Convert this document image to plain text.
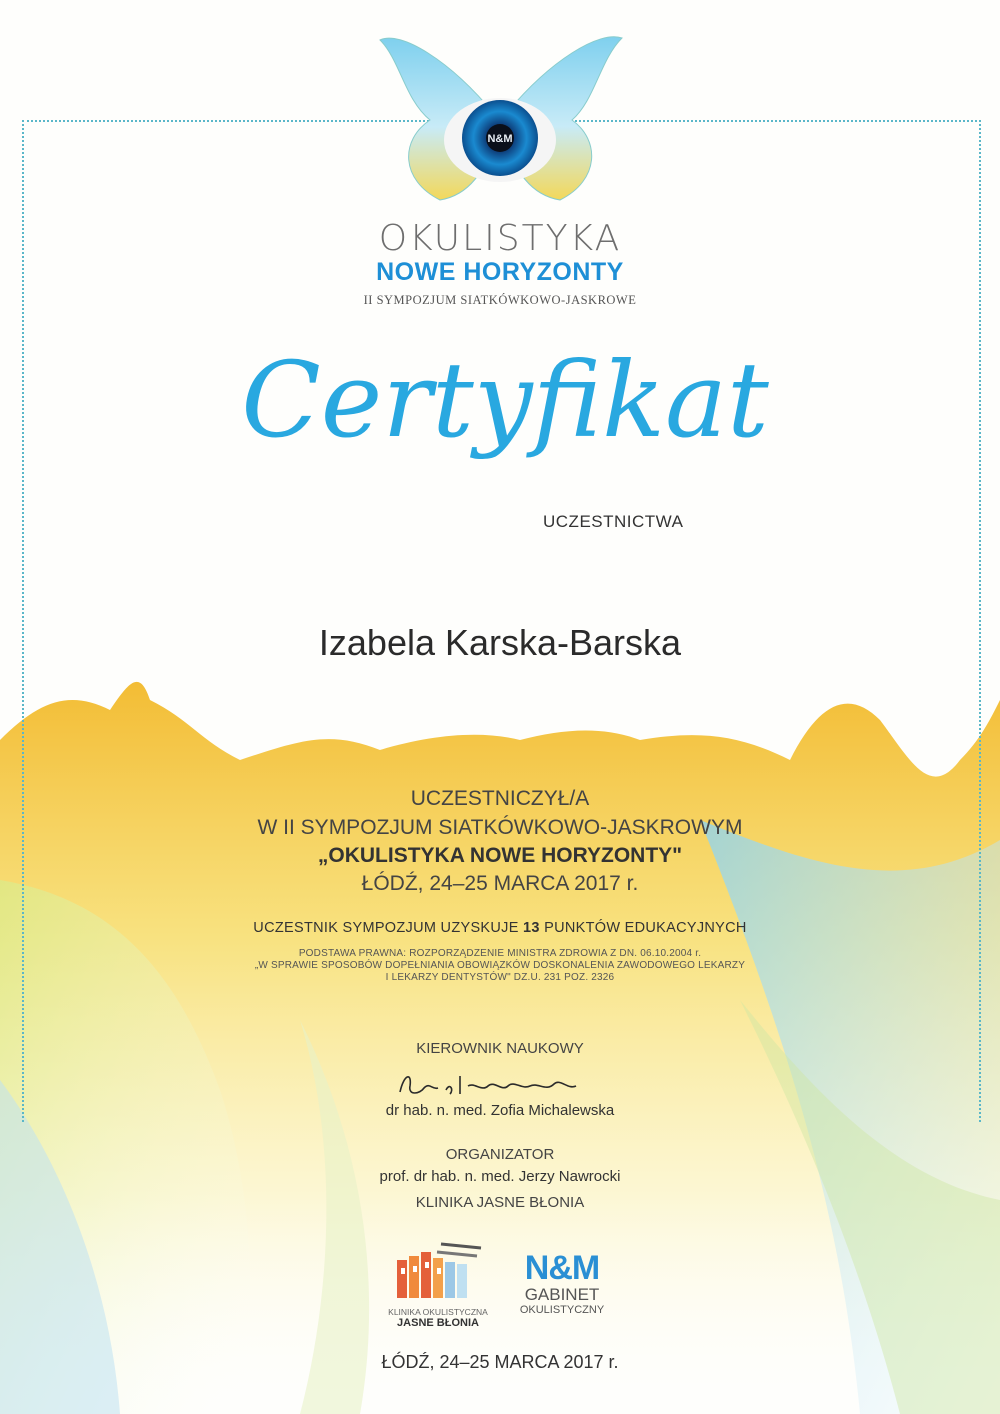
N&M
OKULISTYKA
NOWE HORYZONTY
II SYMPOZJUM SIATKÓWKOWO-JASKROWE
Certyfikat
UCZESTNICTWA
Izabela Karska-Barska
UCZESTNICZYŁ/A
W II SYMPOZJUM SIATKÓWKOWO-JASKROWYM
„OKULISTYKA NOWE HORYZONTY"
ŁÓDŹ, 24–25 MARCA 2017 r.
UCZESTNIK SYMPOZJUM UZYSKUJE 13 PUNKTÓW EDUKACYJNYCH
PODSTAWA PRAWNA: ROZPORZĄDZENIE MINISTRA ZDROWIA Z DN. 06.10.2004 r.
„W SPRAWIE SPOSOBÓW DOPEŁNIANIA OBOWIĄZKÓW DOSKONALENIA ZAWODOWEGO LEKARZY
I LEKARZY DENTYSTÓW" DZ.U. 231 POZ. 2326
KIEROWNIK NAUKOWY
dr hab. n. med. Zofia Michalewska
ORGANIZATOR
prof. dr hab. n. med. Jerzy Nawrocki
KLINIKA JASNE BŁONIA
KLINIKA OKULISTYCZNA
JASNE BŁONIA
N&M
GABINET
OKULISTYCZNY
ŁÓDŹ, 24–25 MARCA 2017 r.
